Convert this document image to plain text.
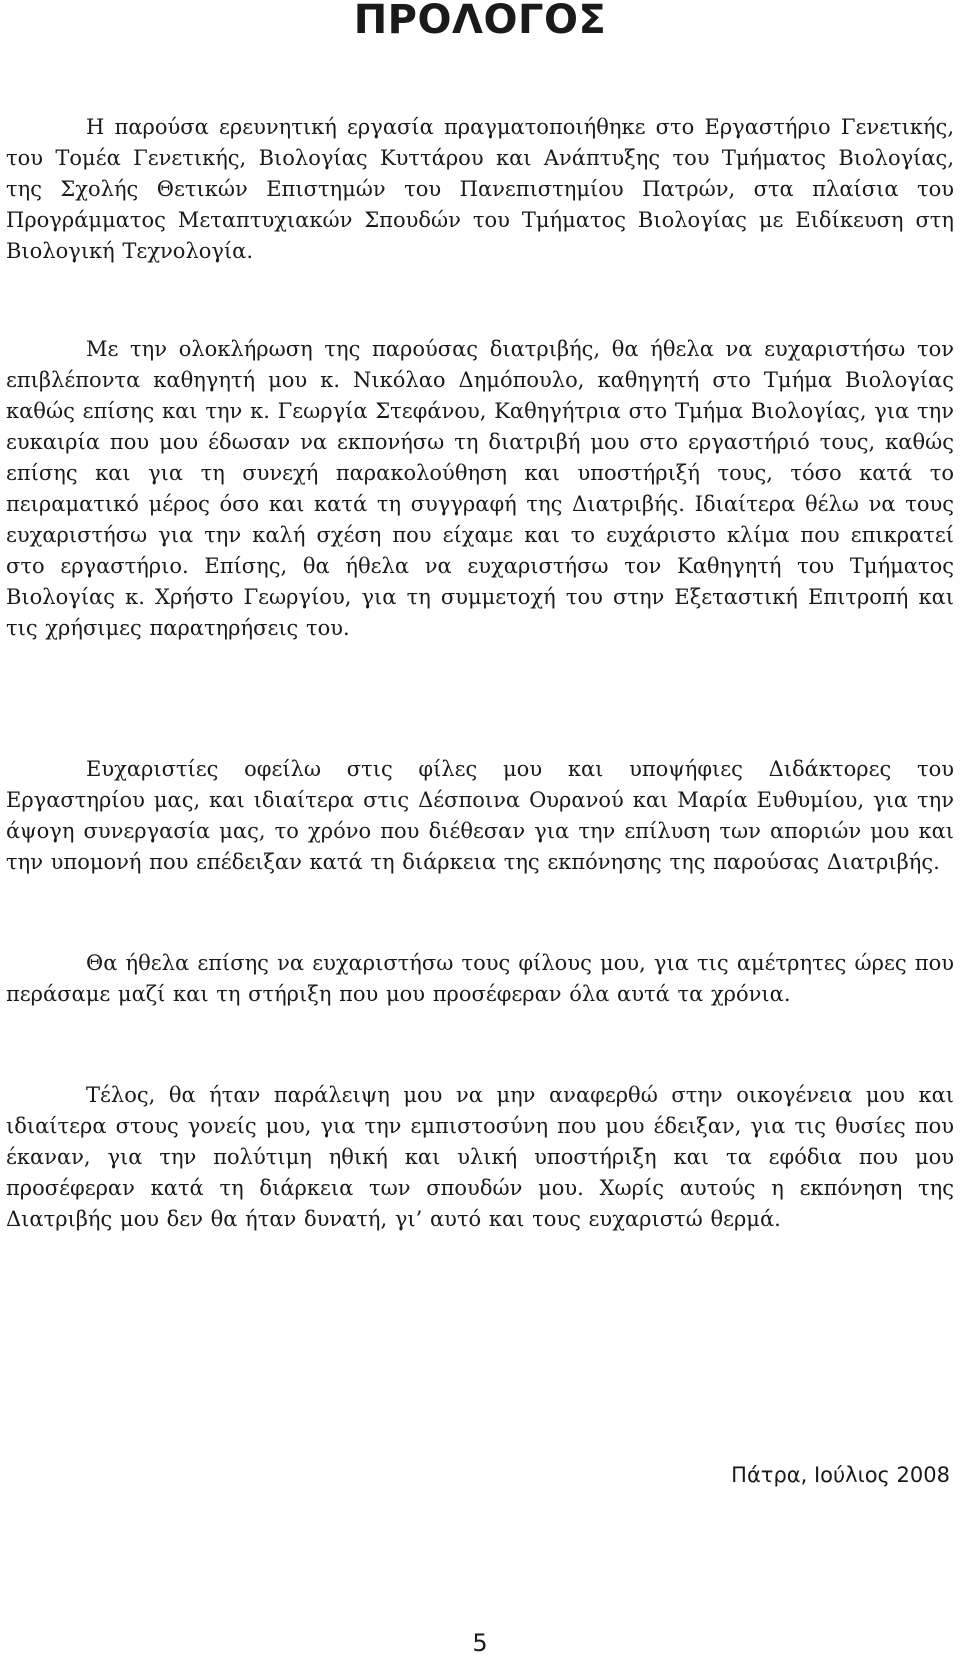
ΠΡΟΛΟΓΟΣ

Η παρούσα ερευνητική εργασία πραγματοποιήθηκε στο Εργαστήριο Γενετικής, του Τομέα Γενετικής, Βιολογίας Κυττάρου και Ανάπτυξης του Τμήματος Βιολογίας, της Σχολής Θετικών Επιστημών του Πανεπιστημίου Πατρών, στα πλαίσια του Προγράμματος Μεταπτυχιακών Σπουδών του Τμήματος Βιολογίας με Ειδίκευση στη Βιολογική Τεχνολογία.

Με την ολοκλήρωση της παρούσας διατριβής, θα ήθελα να ευχαριστήσω τον επιβλέποντα καθηγητή μου κ. Νικόλαο Δημόπουλο, καθηγητή στο Τμήμα Βιολογίας καθώς επίσης και την κ. Γεωργία Στεφάνου, Καθηγήτρια στο Τμήμα Βιολογίας, για την ευκαιρία που μου έδωσαν να εκπονήσω τη διατριβή μου στο εργαστήριό τους, καθώς επίσης και για τη συνεχή παρακολούθηση και υποστήριξή τους, τόσο κατά το πειραματικό μέρος όσο και κατά τη συγγραφή της Διατριβής. Ιδιαίτερα θέλω να τους ευχαριστήσω για την καλή σχέση που είχαμε και το ευχάριστο κλίμα που επικρατεί στο εργαστήριο. Επίσης, θα ήθελα να ευχαριστήσω τον Καθηγητή του Τμήματος Βιολογίας κ. Χρήστο Γεωργίου, για τη συμμετοχή του στην Εξεταστική Επιτροπή και τις χρήσιμες παρατηρήσεις του.

Ευχαριστίες οφείλω στις φίλες μου και υποψήφιες Διδάκτορες του Εργαστηρίου μας, και ιδιαίτερα στις Δέσποινα Ουρανού και Μαρία Ευθυμίου, για την άψογη συνεργασία μας, το χρόνο που διέθεσαν για την επίλυση των αποριών μου και την υπομονή που επέδειξαν κατά τη διάρκεια της εκπόνησης της παρούσας Διατριβής.

Θα ήθελα επίσης να ευχαριστήσω τους φίλους μου, για τις αμέτρητες ώρες που περάσαμε μαζί και τη στήριξη που μου προσέφεραν όλα αυτά τα χρόνια.

Τέλος, θα ήταν παράλειψη μου να μην αναφερθώ στην οικογένεια μου και ιδιαίτερα στους γονείς μου, για την εμπιστοσύνη που μου έδειξαν, για τις θυσίες που έκαναν, για την πολύτιμη ηθική και υλική υποστήριξη και τα εφόδια που μου προσέφεραν κατά τη διάρκεια των σπουδών μου. Χωρίς αυτούς η εκπόνηση της Διατριβής μου δεν θα ήταν δυνατή, γι’ αυτό και τους ευχαριστώ θερμά.

Πάτρα, Ιούλιος 2008

5
